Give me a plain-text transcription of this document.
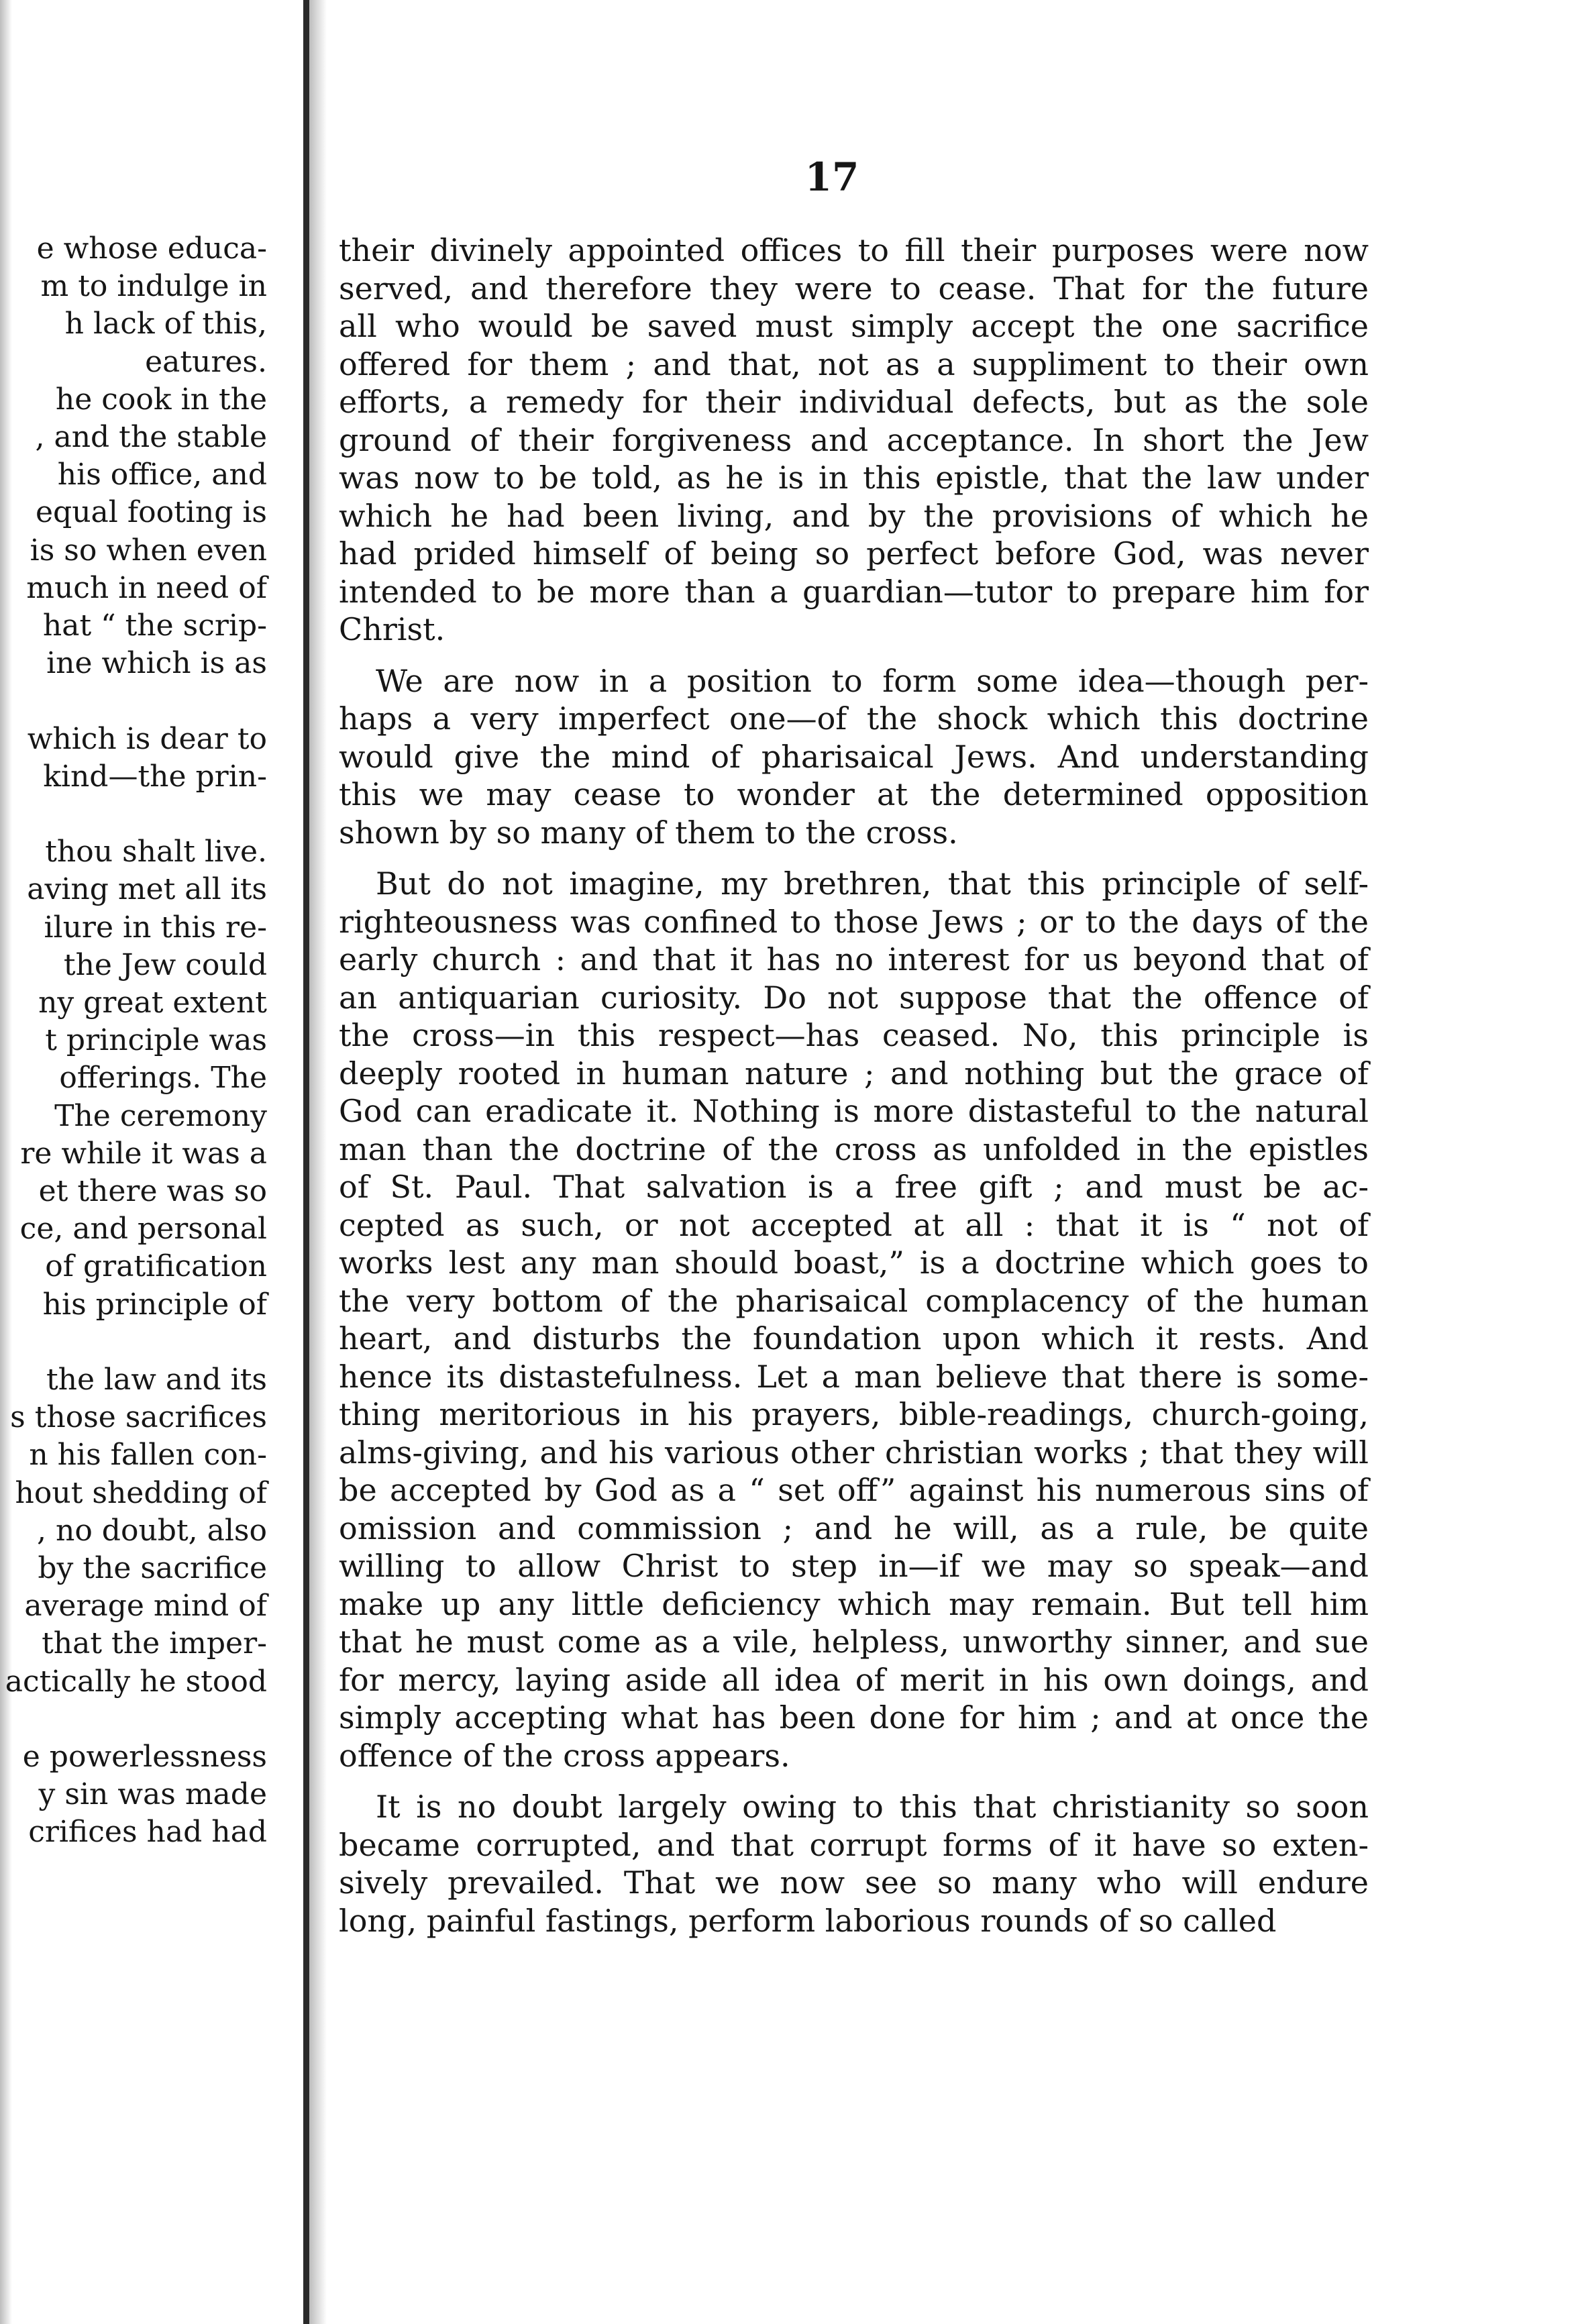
e whose educa-
m to indulge in
h lack of this,
eatures.
he cook in the
, and the stable
his office, and
equal footing is
is so when even
much in need of
hat “ the scrip-
ine which is as
which is dear to
kind—the prin-
thou shalt live.
aving met all its
ilure in this re-
the Jew could
ny great extent
t principle was
offerings. The
The ceremony
re while it was a
et there was so
ce, and personal
of gratification
his principle of
the law and its
s those sacrifices
n his fallen con-
hout shedding of
, no doubt, also
by the sacrifice
average mind of
that the imper-
actically he stood
e powerlessness
y sin was made
crifices had had
17
their divinely appointed offices to fill their purposes were now
served, and therefore they were to cease. That for the future
all who would be saved must simply accept the one sacrifice
offered for them ; and that, not as a suppliment to their own
efforts, a remedy for their individual defects, but as the sole
ground of their forgiveness and acceptance. In short the Jew
was now to be told, as he is in this epistle, that the law under
which he had been living, and by the provisions of which he
had prided himself of being so perfect before God, was never
intended to be more than a guardian—tutor to prepare him for
Christ.
We are now in a position to form some idea—though per-
haps a very imperfect one—of the shock which this doctrine
would give the mind of pharisaical Jews. And understanding
this we may cease to wonder at the determined opposition
shown by so many of them to the cross.
But do not imagine, my brethren, that this principle of self-
righteousness was confined to those Jews ; or to the days of the
early church : and that it has no interest for us beyond that of
an antiquarian curiosity. Do not suppose that the offence of
the cross—in this respect—has ceased. No, this principle is
deeply rooted in human nature ; and nothing but the grace of
God can eradicate it. Nothing is more distasteful to the natural
man than the doctrine of the cross as unfolded in the epistles
of St. Paul. That salvation is a free gift ; and must be ac-
cepted as such, or not accepted at all : that it is “ not of
works lest any man should boast,” is a doctrine which goes to
the very bottom of the pharisaical complacency of the human
heart, and disturbs the foundation upon which it rests. And
hence its distastefulness. Let a man believe that there is some-
thing meritorious in his prayers, bible-readings, church-going,
alms-giving, and his various other christian works ; that they will
be accepted by God as a “ set off” against his numerous sins of
omission and commission ; and he will, as a rule, be quite
willing to allow Christ to step in—if we may so speak—and
make up any little deficiency which may remain. But tell him
that he must come as a vile, helpless, unworthy sinner, and sue
for mercy, laying aside all idea of merit in his own doings, and
simply accepting what has been done for him ; and at once the
offence of the cross appears.
It is no doubt largely owing to this that christianity so soon
became corrupted, and that corrupt forms of it have so exten-
sively prevailed. That we now see so many who will endure
long, painful fastings, perform laborious rounds of so called
